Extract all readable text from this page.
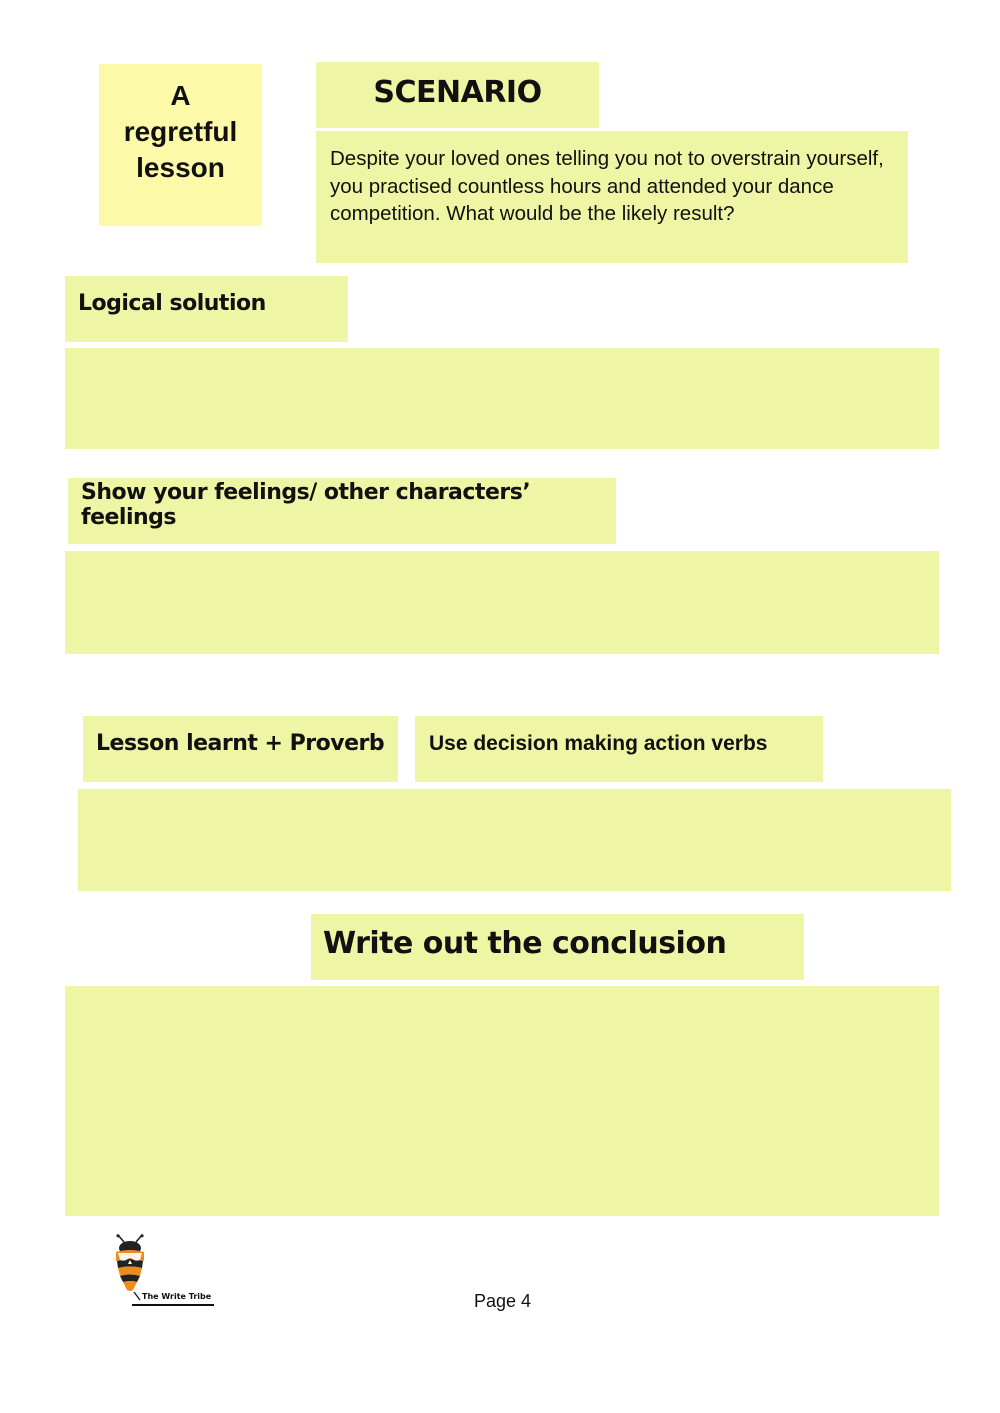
A
regretful
lesson
SCENARIO
Despite your loved ones telling you not to overstrain yourself, you practised countless hours and attended your dance competition. What would be the likely result?
Logical solution
Show your feelings/ other characters’ feelings
Lesson learnt + Proverb	Use decision making action verbs
Write out the conclusion
The Write Tribe	Page 4
